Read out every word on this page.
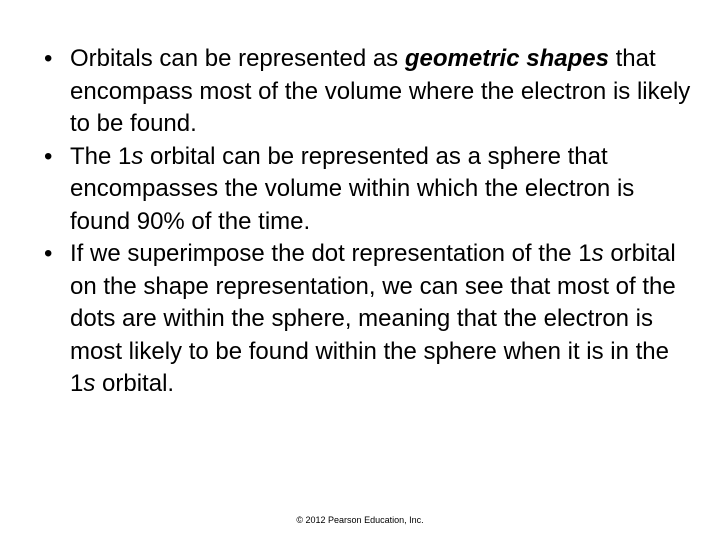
• Orbitals can be represented as geometric shapes that encompass most of the volume where the electron is likely to be found.
• The 1s orbital can be represented as a sphere that encompasses the volume within which the electron is found 90% of the time.
• If we superimpose the dot representation of the 1s orbital on the shape representation, we can see that most of the dots are within the sphere, meaning that the electron is most likely to be found within the sphere when it is in the 1s orbital.
© 2012 Pearson Education, Inc.
